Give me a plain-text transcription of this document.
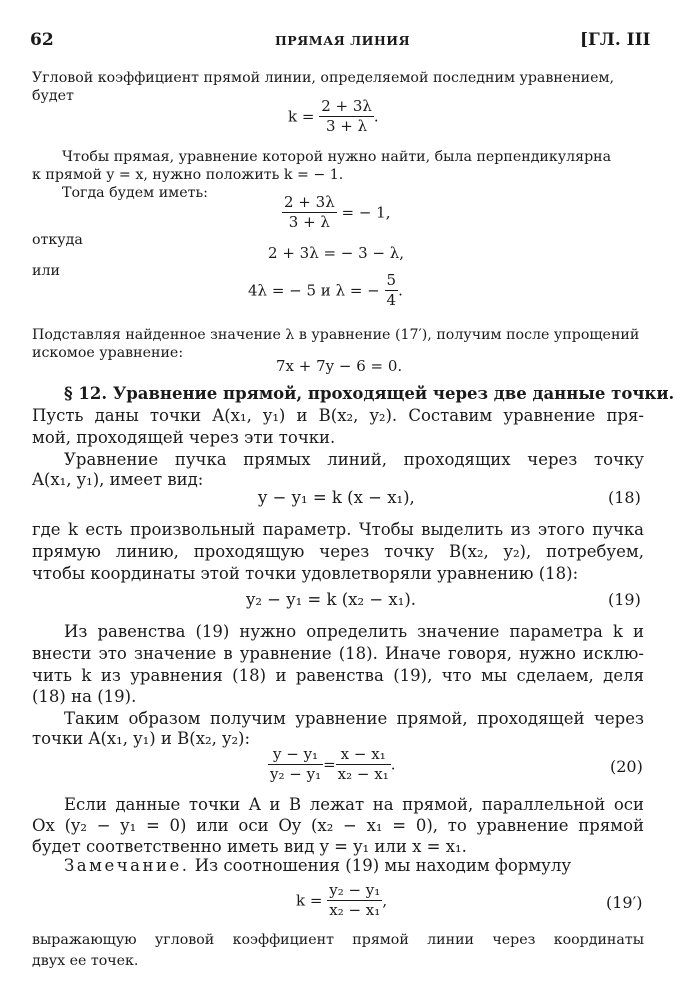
62	ПРЯМАЯ ЛИНИЯ	[ГЛ. III
Угловой коэффициент прямой линии, определяемой последним уравнением,
будет
$k = \frac{2 + 3\lambda}{3 + \lambda}$ .
Чтобы прямая, уравнение которой нужно найти, была перпендикулярна
к прямой y = x, нужно положить k = − 1.
Тогда будем иметь:
$\frac{2 + 3\lambda}{3 + \lambda}$ = − 1,
откуда
2 + 3λ = − 3 − λ,
или
4λ = − 5 и λ = − $\frac{5}{4}$ .
Подставляя найденное значение λ в уравнение (17′), получим после упрощений
искомое уравнение:
7x + 7y − 6 = 0.
§ 12. Уравнение прямой, проходящей через две данные точки.
Пусть даны точки A(x₁, y₁) и B(x₂, y₂). Составим уравнение пря-
мой, проходящей через эти точки.
Уравнение пучка прямых линий, проходящих через точку
A(x₁, y₁), имеет вид:
y − y₁ = k (x − x₁),	(18)
где k есть произвольный параметр. Чтобы выделить из этого пучка
прямую линию, проходящую через точку B(x₂, y₂), потребуем,
чтобы координаты этой точки удовлетворяли уравнению (18):
y₂ − y₁ = k (x₂ − x₁).	(19)
Из равенства (19) нужно определить значение параметра k и
внести это значение в уравнение (18). Иначе говоря, нужно исклю-
чить k из уравнения (18) и равенства (19), что мы сделаем, деля
(18) на (19).
Таким образом получим уравнение прямой, проходящей через
точки A(x₁, y₁) и B(x₂, y₂):
$\frac{\text{y − y₁}}{\text{y₂ − y₁}} = \frac{\text{x − x₁}}{\text{x₂ − x₁}}$ .	(20)
Если данные точки A и B лежат на прямой, параллельной оси
Ox (y₂ − y₁ = 0) или оси Oy (x₂ − x₁ = 0), то уравнение прямой
будет соответственно иметь вид y = y₁ или x = x₁.
Замечание. Из соотношения (19) мы находим формулу
$k = \frac{\text{y₂ − y₁}}{\text{x₂ − x₁}}$ ,	(19′)
выражающую угловой коэффициент прямой линии через координаты
двух ее точек.
